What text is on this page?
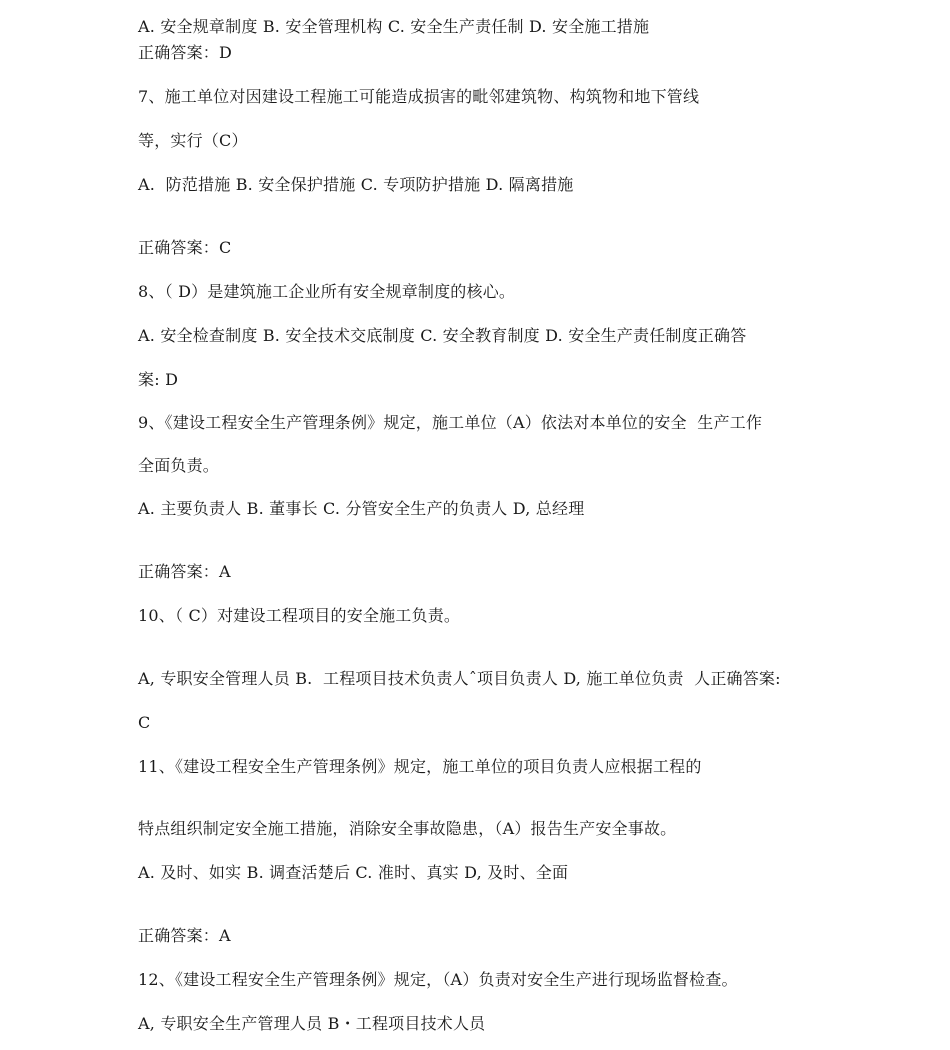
A. 安全规章制度 B. 安全管理机构 C. 安全生产责任制 D. 安全施工措施
正确答案：D
7、施工单位对因建设工程施工可能造成损害的毗邻建筑物、构筑物和地下管线
等，实行（C）
A.  防范措施 B. 安全保护措施 C. 专项防护措施 D. 隔离措施
正确答案：C
8、（ D）是建筑施工企业所有安全规章制度的核心。
A. 安全检查制度 B. 安全技术交底制度 C. 安全教育制度 D. 安全生产责任制度正确答
案: D
9、《建设工程安全生产管理条例》规定，施工单位（A）依法对本单位的安全  生产工作
全面负责。
A. 主要负责人 B. 董事长 C. 分管安全生产的负责人 D, 总经理
正确答案：A
10、（ C）对建设工程项目的安全施工负责。
A, 专职安全管理人员 B.  工程项目技术负责人ˆ项目负责人 D, 施工单位负责  人正确答案:
C
11、《建设工程安全生产管理条例》规定，施工单位的项目负责人应根据工程的
特点组织制定安全施工措施，消除安全事故隐患，（A）报告生产安全事故。
A. 及时、如实 B. 调查活楚后 C. 准时、真实 D, 及时、全面
正确答案：A
12、《建设工程安全生产管理条例》规定，（A）负责对安全生产进行现场监督检查。
A, 专职安全生产管理人员 B・工程项目技术人员
